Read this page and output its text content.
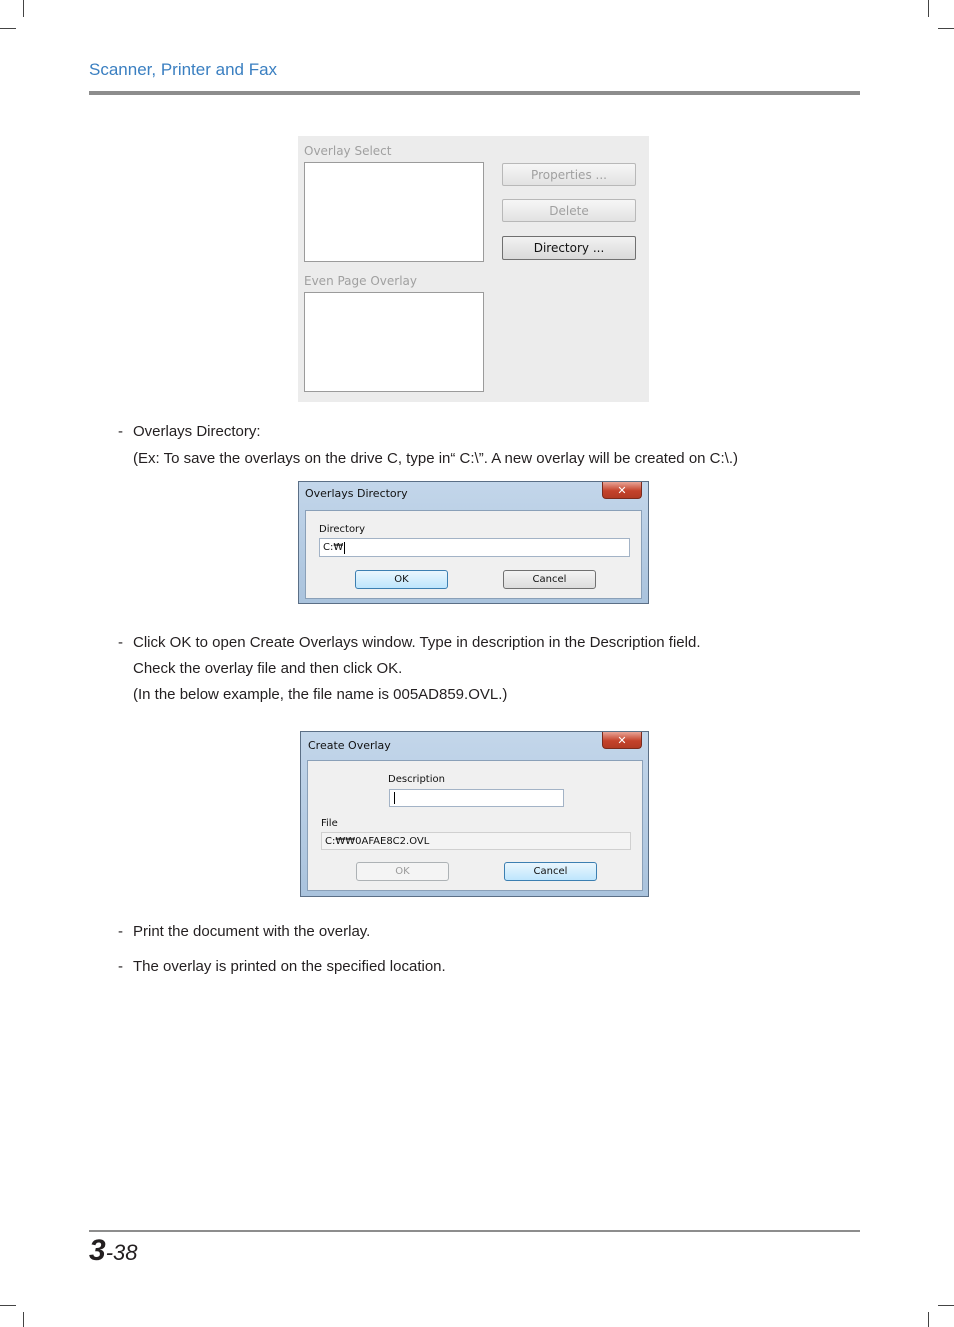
Scanner, Printer and Fax
Overlay Select
Even Page Overlay
Properties ...
Delete
Directory ...
- Overlays Directory:
(Ex: To save the overlays on the drive C, type in“ C:\”. A new overlay will be created on C:\.)
Overlays Directory	✕
Directory
C:₩
OK	Cancel
- Click OK to open Create Overlays window. Type in description in the Description field.
Check the overlay file and then click OK.
(In the below example, the file name is 005AD859.OVL.)
Create Overlay	✕
Description
File
C:₩₩0AFAE8C2.OVL
OK	Cancel
- Print the document with the overlay.
- The overlay is printed on the specified location.
3-38
